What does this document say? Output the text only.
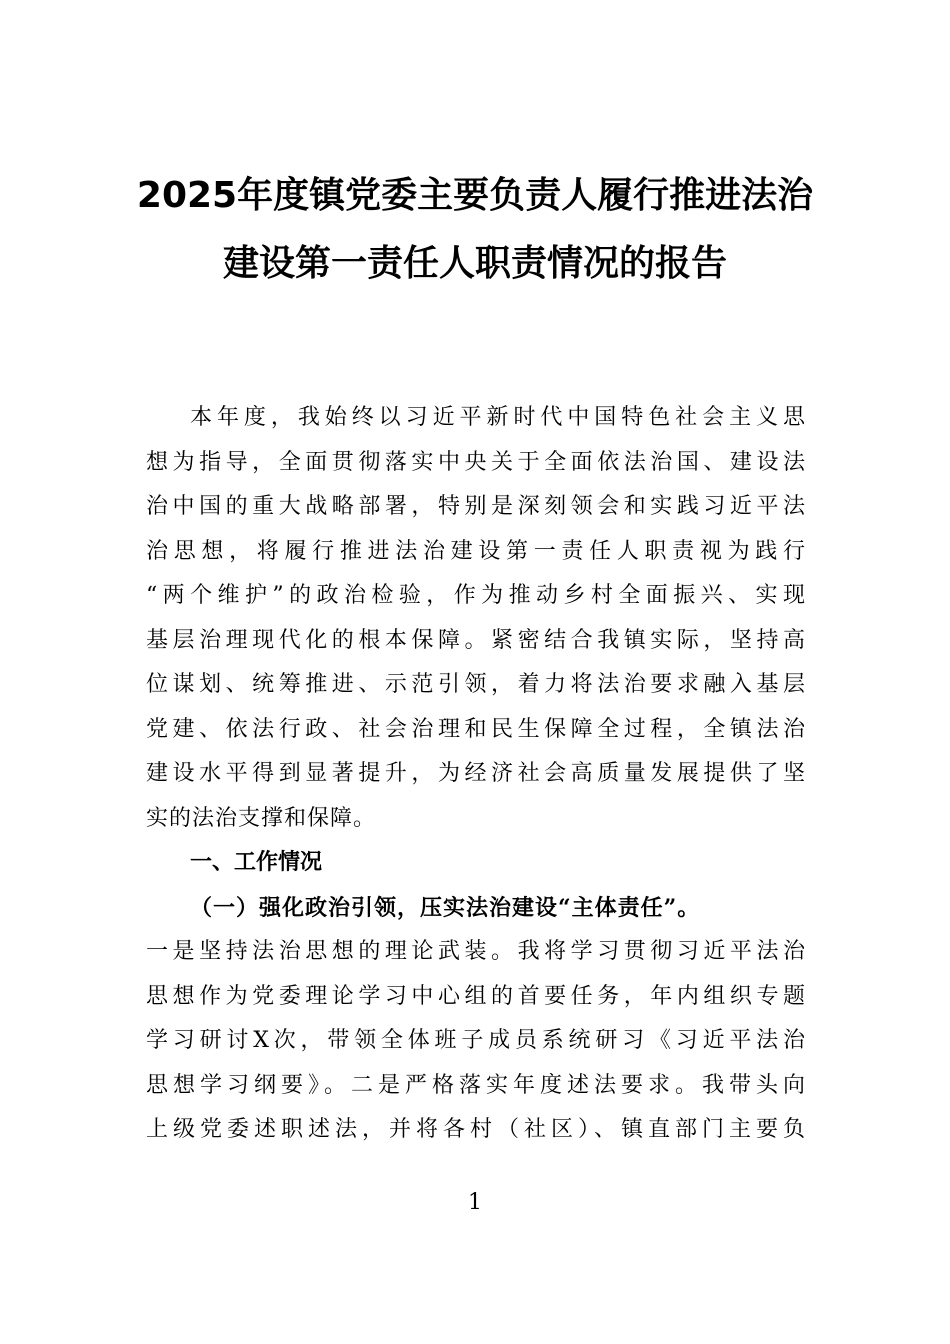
2025年度镇党委主要负责人履行推进法治
建设第一责任人职责情况的报告
本年度，我始终以习近平新时代中国特色社会主义思
想为指导，全面贯彻落实中央关于全面依法治国、建设法
治中国的重大战略部署，特别是深刻领会和实践习近平法
治思想，将履行推进法治建设第一责任人职责视为践行
“两个维护”的政治检验，作为推动乡村全面振兴、实现
基层治理现代化的根本保障。紧密结合我镇实际，坚持高
位谋划、统筹推进、示范引领，着力将法治要求融入基层
党建、依法行政、社会治理和民生保障全过程，全镇法治
建设水平得到显著提升，为经济社会高质量发展提供了坚
实的法治支撑和保障。
一、工作情况
（一）强化政治引领，压实法治建设“主体责任”。
一是坚持法治思想的理论武装。我将学习贯彻习近平法治
思想作为党委理论学习中心组的首要任务，年内组织专题
学习研讨X次，带领全体班子成员系统研习《习近平法治
思想学习纲要》。二是严格落实年度述法要求。我带头向
上级党委述职述法，并将各村（社区）、镇直部门主要负
1
